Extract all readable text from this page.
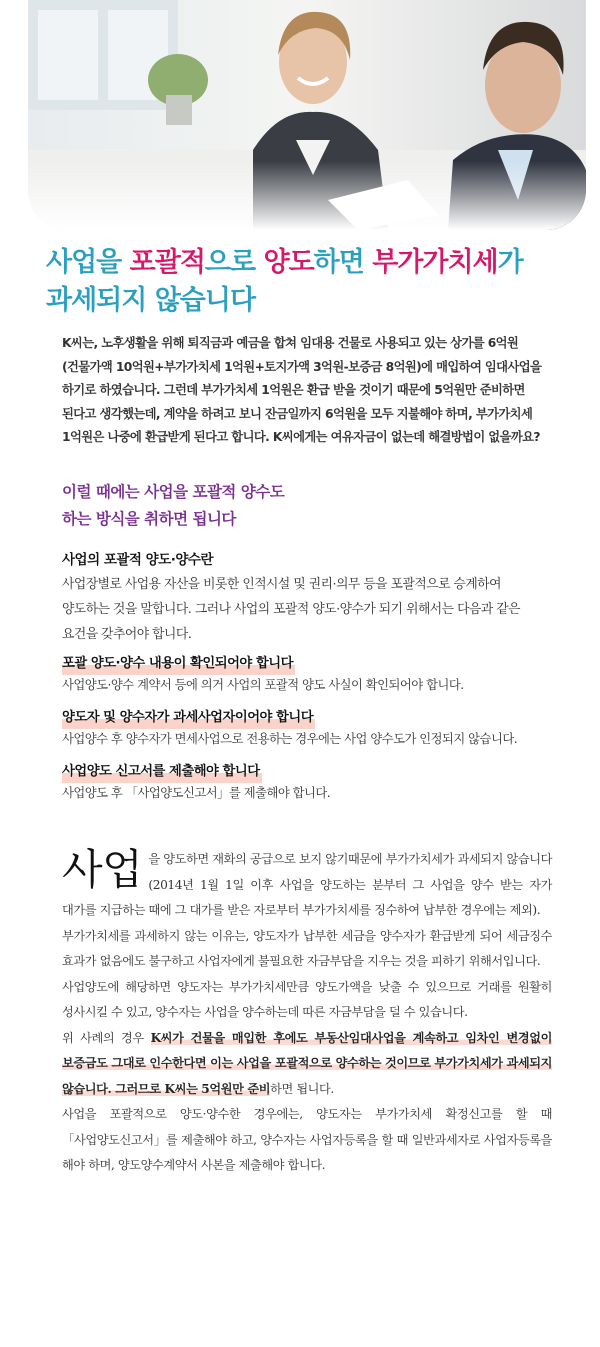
사업을 포괄적으로 양도하면 부가가치세가
과세되지 않습니다
K씨는, 노후생활을 위해 퇴직금과 예금을 합쳐 임대용 건물로 사용되고 있는 상가를 6억원(건물가액 10억원+부가가치세 1억원+토지가액 3억원-보증금 8억원)에 매입하여 임대사업을 하기로 하였습니다. 그런데 부가가치세 1억원은 환급 받을 것이기 때문에 5억원만 준비하면 된다고 생각했는데, 계약을 하려고 보니 잔금일까지 6억원을 모두 지불해야 하며, 부가가치세 1억원은 나중에 환급받게 된다고 합니다. K씨에게는 여유자금이 없는데 해결방법이 없을까요?
이럴 때에는 사업을 포괄적 양수도
하는 방식을 취하면 됩니다
사업의 포괄적 양도·양수란
사업장별로 사업용 자산을 비롯한 인적시설 및 권리·의무 등을 포괄적으로 승계하여 양도하는 것을 말합니다. 그러나 사업의 포괄적 양도·양수가 되기 위해서는 다음과 같은 요건을 갖추어야 합니다.
포괄 양도·양수 내용이 확인되어야 합니다
사업양도·양수 계약서 등에 의거 사업의 포괄적 양도 사실이 확인되어야 합니다.
양도자 및 양수자가 과세사업자이어야 합니다
사업양수 후 양수자가 면세사업으로 전용하는 경우에는 사업 양수도가 인정되지 않습니다.
사업양도 신고서를 제출해야 합니다
사업양도 후 「사업양도신고서」를 제출해야 합니다.

사업 을 양도하면 재화의 공급으로 보지 않기때문에 부가가치세가 과세되지 않습니다(2014년 1월 1일 이후 사업을 양도하는 분부터 그 사업을 양수 받는 자가 대가를 지급하는 때에 그 대가를 받은 자로부터 부가가치세를 징수하여 납부한 경우에는 제외).

부가가치세를 과세하지 않는 이유는, 양도자가 납부한 세금을 양수자가 환급받게 되어 세금징수 효과가 없음에도 불구하고 사업자에게 불필요한 자금부담을 지우는 것을 피하기 위해서입니다.

사업양도에 해당하면 양도자는 부가가치세만큼 양도가액을 낮출 수 있으므로 거래를 원활히 성사시킬 수 있고, 양수자는 사업을 양수하는데 따른 자금부담을 덜 수 있습니다.

위 사례의 경우 K씨가 건물을 매입한 후에도 부동산임대사업을 계속하고 임차인 변경없이 보증금도 그대로 인수한다면 이는 사업을 포괄적으로 양수하는 것이므로 부가가치세가 과세되지 않습니다. 그러므로 K씨는 5억원만 준비하면 됩니다.

사업을 포괄적으로 양도·양수한 경우에는, 양도자는 부가가치세 확정신고를 할 때 「사업양도신고서」를 제출해야 하고, 양수자는 사업자등록을 할 때 일반과세자로 사업자등록을 해야 하며, 양도양수계약서 사본을 제출해야 합니다.
